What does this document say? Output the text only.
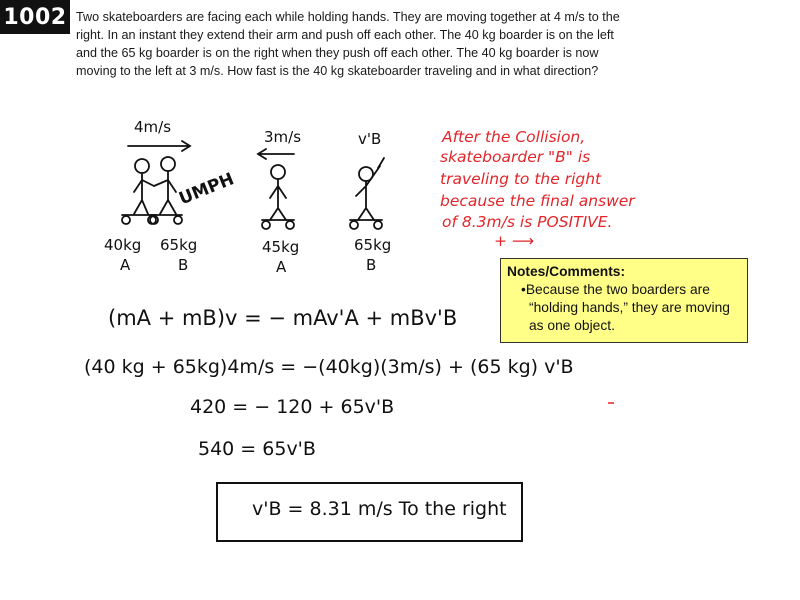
1002 Two skateboarders are facing each while holding hands. They are moving together at 4 m/s to the right. In an instant they extend their arm and push off each other. The 40 kg boarder is on the left and the 65 kg boarder is on the right when they push off each other. The 40 kg boarder is now moving to the left at 3 m/s. How fast is the 40 kg skateboarder traveling and in what direction?

4m/s

3m/s	v'B

UMPH

40kg

A

65kg

B

45kg

A

65kg

B

After the Collision,

skateboarder "B" is

traveling to the right

because the final answer

of 8.3m/s is POSITIVE.

+ ⟶

Notes/Comments:
•Because the two boarders are “holding hands,” they are moving as one object.

(mA + mB)v = − mAv'A + mBv'B

(40 kg + 65kg)4m/s = −(40kg)(3m/s) + (65 kg) v'B

420 = − 120 + 65v'B

540 = 65v'B

v'B = 8.31 m/s To the right
